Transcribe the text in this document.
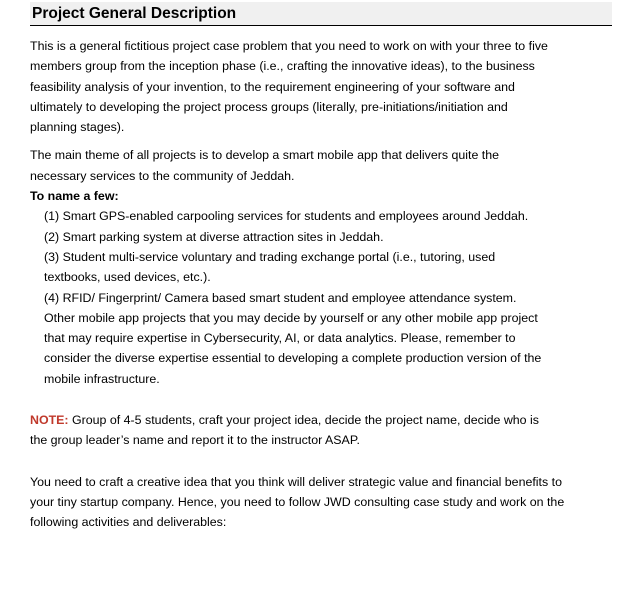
Project General Description

This is a general fictitious project case problem that you need to work on with your three to five
members group from the inception phase (i.e., crafting the innovative ideas), to the business
feasibility analysis of your invention, to the requirement engineering of your software and
ultimately to developing the project process groups (literally, pre-initiations/initiation and
planning stages).

The main theme of all projects is to develop a smart mobile app that delivers quite the
necessary services to the community of Jeddah.
To name a few:

(1) Smart GPS-enabled carpooling services for students and employees around Jeddah.
(2) Smart parking system at diverse attraction sites in Jeddah.
(3) Student multi-service voluntary and trading exchange portal (i.e., tutoring, used
textbooks, used devices, etc.).
(4) RFID/ Fingerprint/ Camera based smart student and employee attendance system.
Other mobile app projects that you may decide by yourself or any other mobile app project
that may require expertise in Cybersecurity, AI, or data analytics. Please, remember to
consider the diverse expertise essential to developing a complete production version of the
mobile infrastructure.

NOTE: Group of 4-5 students, craft your project idea, decide the project name, decide who is
the group leader’s name and report it to the instructor ASAP.

You need to craft a creative idea that you think will deliver strategic value and financial benefits to
your tiny startup company. Hence, you need to follow JWD consulting case study and work on the
following activities and deliverables:
